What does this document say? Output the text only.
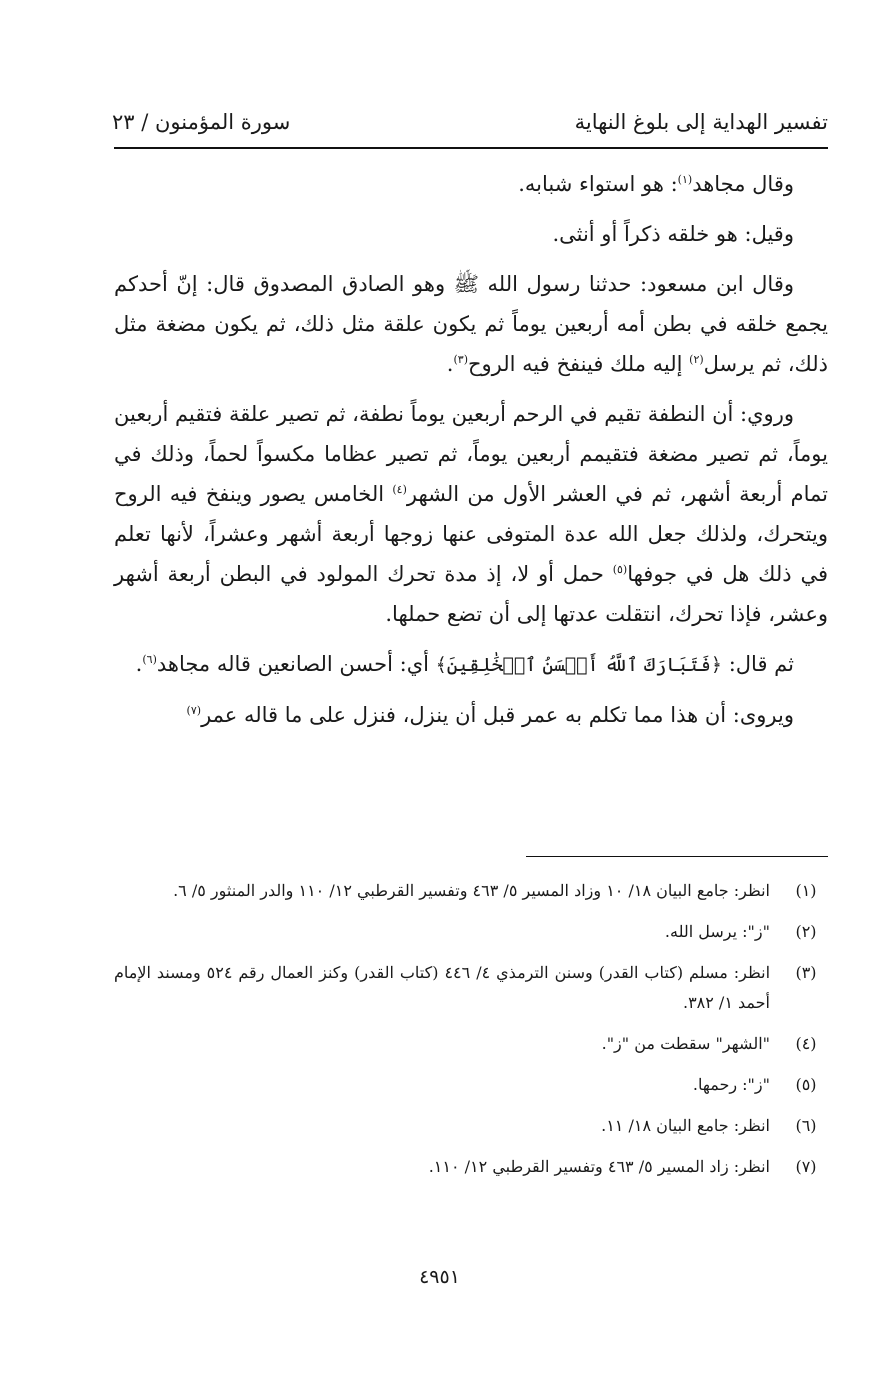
تفسير الهداية إلى بلوغ النهاية
سورة المؤمنون / ٢٣

وقال مجاهد$^{(١)}$: هو استواء شبابه.

وقيل: هو خلقه ذكراً أو أنثى.

وقال ابن مسعود: حدثنا رسول الله ﷺ وهو الصادق المصدوق قال: إنّ أحدكم يجمع خلقه في بطن أمه أربعين يوماً ثم يكون علقة مثل ذلك، ثم يكون مضغة مثل ذلك، ثم يرسل$^{(٢)}$ إليه ملك فينفخ فيه الروح$^{(٣)}$.

وروي: أن النطفة تقيم في الرحم أربعين يوماً نطفة، ثم تصير علقة فتقيم أربعين يوماً، ثم تصير مضغة فتقيمم أربعين يوماً، ثم تصير عظاما مكسواً لحماً، وذلك في تمام أربعة أشهر، ثم في العشر الأول من الشهر$^{(٤)}$ الخامس يصور وينفخ فيه الروح ويتحرك، ولذلك جعل الله عدة المتوفى عنها زوجها أربعة أشهر وعشراً، لأنها تعلم في ذلك هل في جوفها$^{(٥)}$ حمل أو لا، إذ مدة تحرك المولود في البطن أربعة أشهر وعشر، فإذا تحرك، انتقلت عدتها إلى أن تضع حملها.

ثم قال: ﴿فَتَبَارَكَ ٱللَّهُ أَحۡسَنُ ٱلۡخَٰلِقِينَ﴾ أي: أحسن الصانعين قاله مجاهد$^{(٦)}$.

ويروى: أن هذا مما تكلم به عمر قبل أن ينزل، فنزل على ما قاله عمر$^{(٧)}$

(١)
انظر: جامع البيان ١٨/ ١٠ وزاد المسير ٥/ ٤٦٣ وتفسير القرطبي ١٢/ ١١٠ والدر المنثور ٥/ ٦.
(٢)
"ز": يرسل الله.
(٣)
انظر: مسلم (كتاب القدر) وسنن الترمذي ٤/ ٤٤٦ (كتاب القدر) وكنز العمال رقم ٥٢٤ ومسند الإمام أحمد ١/ ٣٨٢.
(٤)
"الشهر" سقطت من "ز".
(٥)
"ز": رحمها.
(٦)
انظر: جامع البيان ١٨/ ١١.
(٧)
انظر: زاد المسير ٥/ ٤٦٣ وتفسير القرطبي ١٢/ ١١٠.
٤٩٥١
